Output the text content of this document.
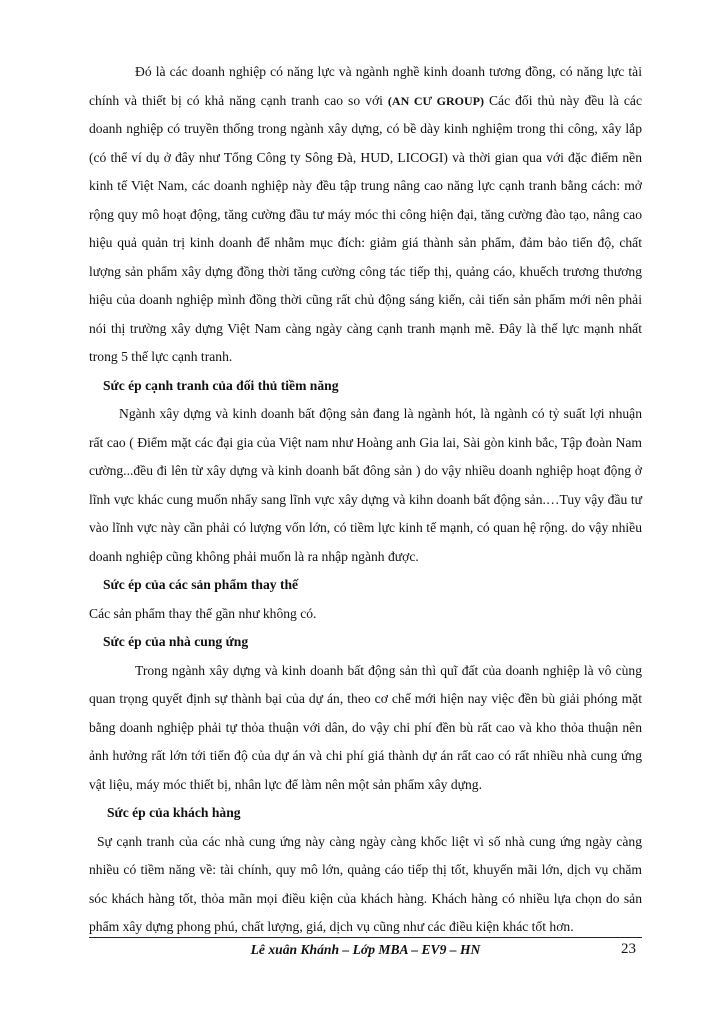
Đó là các doanh nghiệp có năng lực và ngành nghề kinh doanh tương đồng, có năng lực tài chính và thiết bị có khả năng cạnh tranh cao so với (AN CƯ GROUP) Các đối thủ này đều là các doanh nghiệp có truyền thống trong ngành xây dựng, có bề dày kinh nghiệm trong thi công, xây lắp (có thể ví dụ ở đây như Tổng Công ty Sông Đà, HUD, LICOGI) và thời gian qua với đặc điểm nền kinh tế Việt Nam, các doanh nghiệp này đều tập trung nâng cao năng lực cạnh tranh bằng cách: mở rộng quy mô hoạt động, tăng cường đầu tư máy móc thi công hiện đại, tăng cường đào tạo, nâng cao hiệu quả quản trị kinh doanh để nhằm mục đích: giảm giá thành sản phẩm, đảm bảo tiến độ, chất lượng sản phẩm xây dựng đồng thời tăng cường công tác tiếp thị, quảng cáo, khuếch trương thương hiệu của doanh nghiệp mình đồng thời cũng rất chủ động sáng kiến, cải tiến sản phẩm mới nên phải nói thị trường xây dựng Việt Nam càng ngày càng cạnh tranh mạnh mẽ. Đây là thế lực mạnh nhất trong 5 thế lực cạnh tranh.

Sức ép cạnh tranh của đối thủ tiềm năng

Ngành xây dựng và kinh doanh bất động sản đang là ngành hót, là ngành có tỷ suất lợi nhuận rất cao ( Điểm mặt các đại gia của Việt nam như Hoàng anh Gia lai, Sài gòn kinh bắc, Tập đoàn Nam cường...đều đi lên từ xây dựng và kinh doanh bất đông sản ) do vậy nhiều doanh nghiệp hoạt động ở lĩnh vực khác cung muốn nhẩy sang lĩnh vực xây dựng và kihn doanh bất động sản.…Tuy vậy đầu tư vào lĩnh vực này cần phải có lượng vốn lớn, có tiềm lực kinh tế mạnh, có quan hệ rộng. do vậy nhiều doanh nghiệp cũng không phải muốn là ra nhập ngành được.

Sức ép của các sản phẩm thay thế

Các sản phẩm thay thế gần như không có.

Sức ép của nhà cung ứng

Trong ngành xây dựng và kinh doanh bất động sản thì quĩ đất của doanh nghiệp là vô cùng quan trọng quyết định sự thành bại của dự án, theo cơ chế mới hiện nay việc đền bù giải phóng mặt bằng doanh nghiệp phải tự thỏa thuận với dân, do vậy chi phí đền bù rất cao và kho thỏa thuận nên ảnh hưởng rất lớn tới tiến độ của dự án và chi phí giá thành dự án rất cao có rất nhiều nhà cung ứng vật liệu, máy móc thiết bị, nhân lực để làm nên một sản phẩm xây dựng.

Sức ép của khách hàng

Sự cạnh tranh của các nhà cung ứng này càng ngày càng khốc liệt vì số nhà cung ứng ngày càng nhiều có tiềm năng về: tài chính, quy mô lớn, quảng cáo tiếp thị tốt, khuyến mãi lớn, dịch vụ chăm sóc khách hàng tốt, thỏa mãn mọi điều kiện của khách hàng. Khách hàng có nhiều lựa chọn do sản phẩm xây dựng phong phú, chất lượng, giá, dịch vụ cũng như các điều kiện khác tốt hơn.

Lê xuân Khánh – Lớp MBA – EV9 – HN	23
